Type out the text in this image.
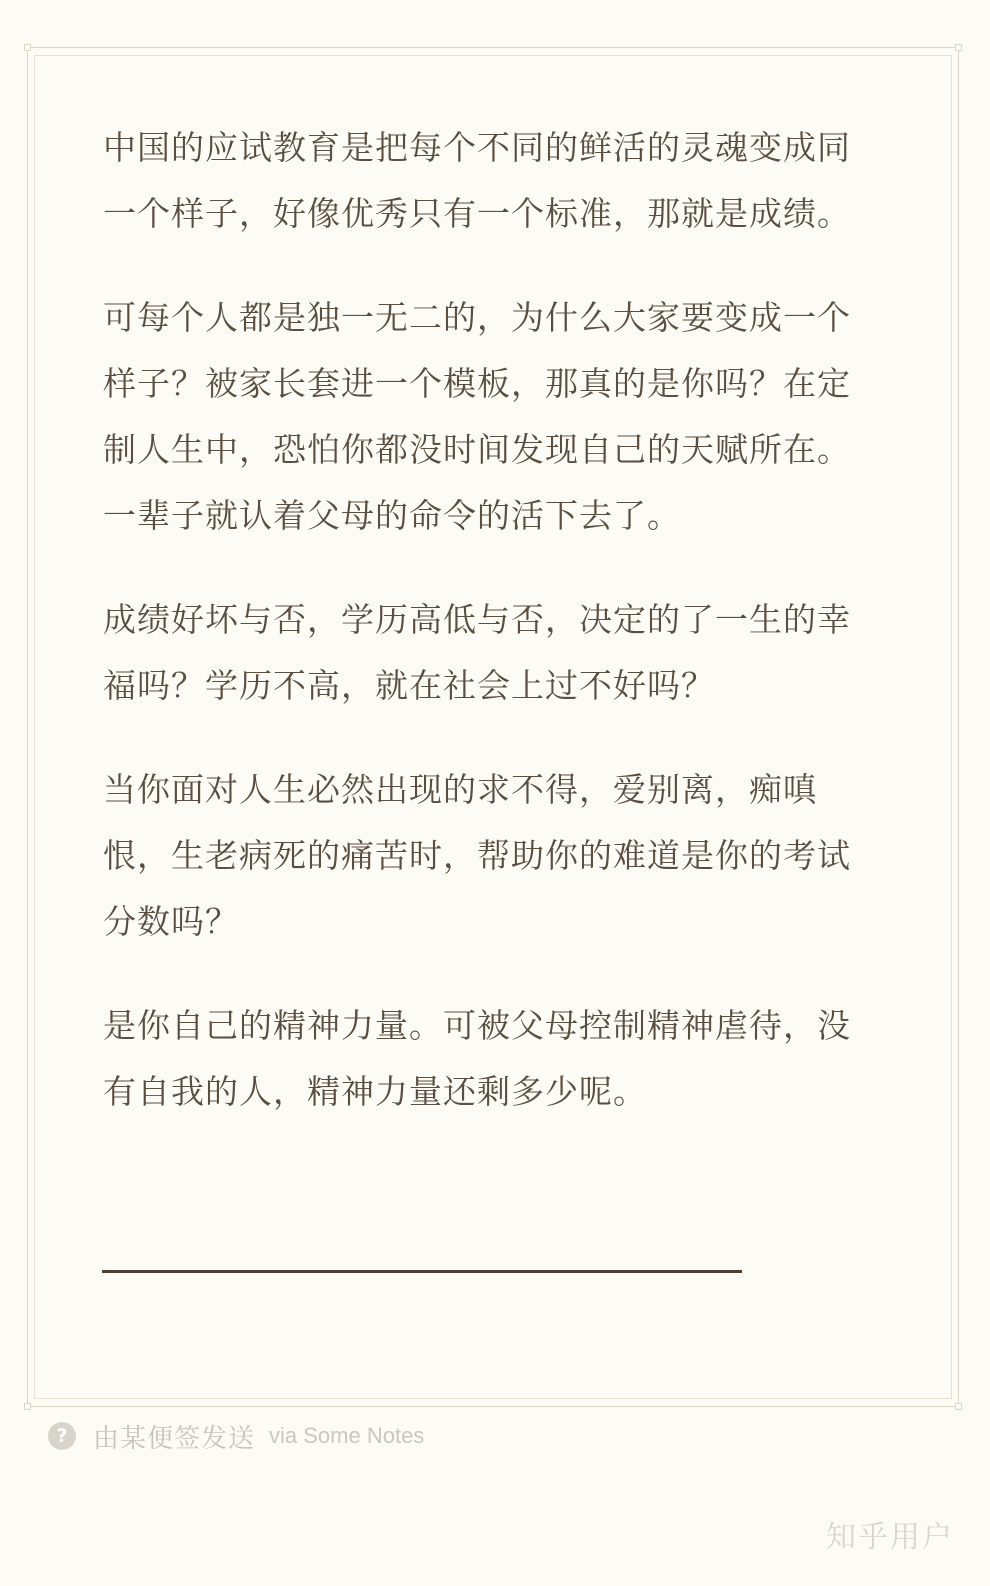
中国的应试教育是把每个不同的鲜活的灵魂变成同一个样子，好像优秀只有一个标准，那就是成绩。

可每个人都是独一无二的，为什么大家要变成一个样子？被家长套进一个模板，那真的是你吗？在定制人生中，恐怕你都没时间发现自己的天赋所在。一辈子就认着父母的命令的活下去了。

成绩好坏与否，学历高低与否，决定的了一生的幸福吗？学历不高，就在社会上过不好吗？

当你面对人生必然出现的求不得，爱别离，痴嗔恨，生老病死的痛苦时，帮助你的难道是你的考试分数吗？

是你自己的精神力量。可被父母控制精神虐待，没有自我的人，精神力量还剩多少呢。

? 由某便签发送 via Some Notes
知乎用户
